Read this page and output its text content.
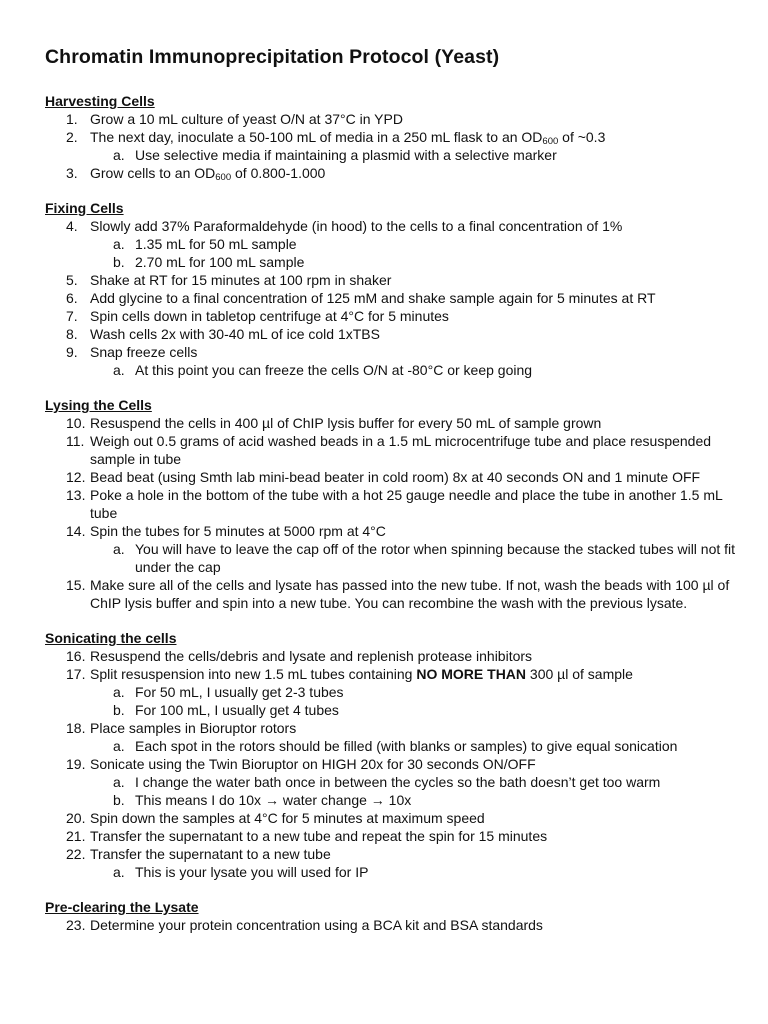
Chromatin Immunoprecipitation Protocol (Yeast)
Harvesting Cells
1. Grow a 10 mL culture of yeast O/N at 37°C in YPD
2. The next day, inoculate a 50-100 mL of media in a 250 mL flask to an OD600 of ~0.3
a. Use selective media if maintaining a plasmid with a selective marker
3. Grow cells to an OD600 of 0.800-1.000
Fixing Cells
4. Slowly add 37% Paraformaldehyde (in hood) to the cells to a final concentration of 1%
a. 1.35 mL for 50 mL sample
b. 2.70 mL for 100 mL sample
5. Shake at RT for 15 minutes at 100 rpm in shaker
6. Add glycine to a final concentration of 125 mM and shake sample again for 5 minutes at RT
7. Spin cells down in tabletop centrifuge at 4°C for 5 minutes
8. Wash cells 2x with 30-40 mL of ice cold 1xTBS
9. Snap freeze cells
a. At this point you can freeze the cells O/N at -80°C or keep going
Lysing the Cells
10. Resuspend the cells in 400 µl of ChIP lysis buffer for every 50 mL of sample grown
11. Weigh out 0.5 grams of acid washed beads in a 1.5 mL microcentrifuge tube and place resuspended sample in tube
12. Bead beat (using Smth lab mini-bead beater in cold room) 8x at 40 seconds ON and 1 minute OFF
13. Poke a hole in the bottom of the tube with a hot 25 gauge needle and place the tube in another 1.5 mL tube
14. Spin the tubes for 5 minutes at 5000 rpm at 4°C
a. You will have to leave the cap off of the rotor when spinning because the stacked tubes will not fit under the cap
15. Make sure all of the cells and lysate has passed into the new tube. If not, wash the beads with 100 µl of ChIP lysis buffer and spin into a new tube. You can recombine the wash with the previous lysate.
Sonicating the cells
16. Resuspend the cells/debris and lysate and replenish protease inhibitors
17. Split resuspension into new 1.5 mL tubes containing NO MORE THAN 300 µl of sample
a. For 50 mL, I usually get 2-3 tubes
b. For 100 mL, I usually get 4 tubes
18. Place samples in Bioruptor rotors
a. Each spot in the rotors should be filled (with blanks or samples) to give equal sonication
19. Sonicate using the Twin Bioruptor on HIGH 20x for 30 seconds ON/OFF
a. I change the water bath once in between the cycles so the bath doesn’t get too warm
b. This means I do 10x → water change → 10x
20. Spin down the samples at 4°C for 5 minutes at maximum speed
21. Transfer the supernatant to a new tube and repeat the spin for 15 minutes
22. Transfer the supernatant to a new tube
a. This is your lysate you will used for IP
Pre-clearing the Lysate
23. Determine your protein concentration using a BCA kit and BSA standards
